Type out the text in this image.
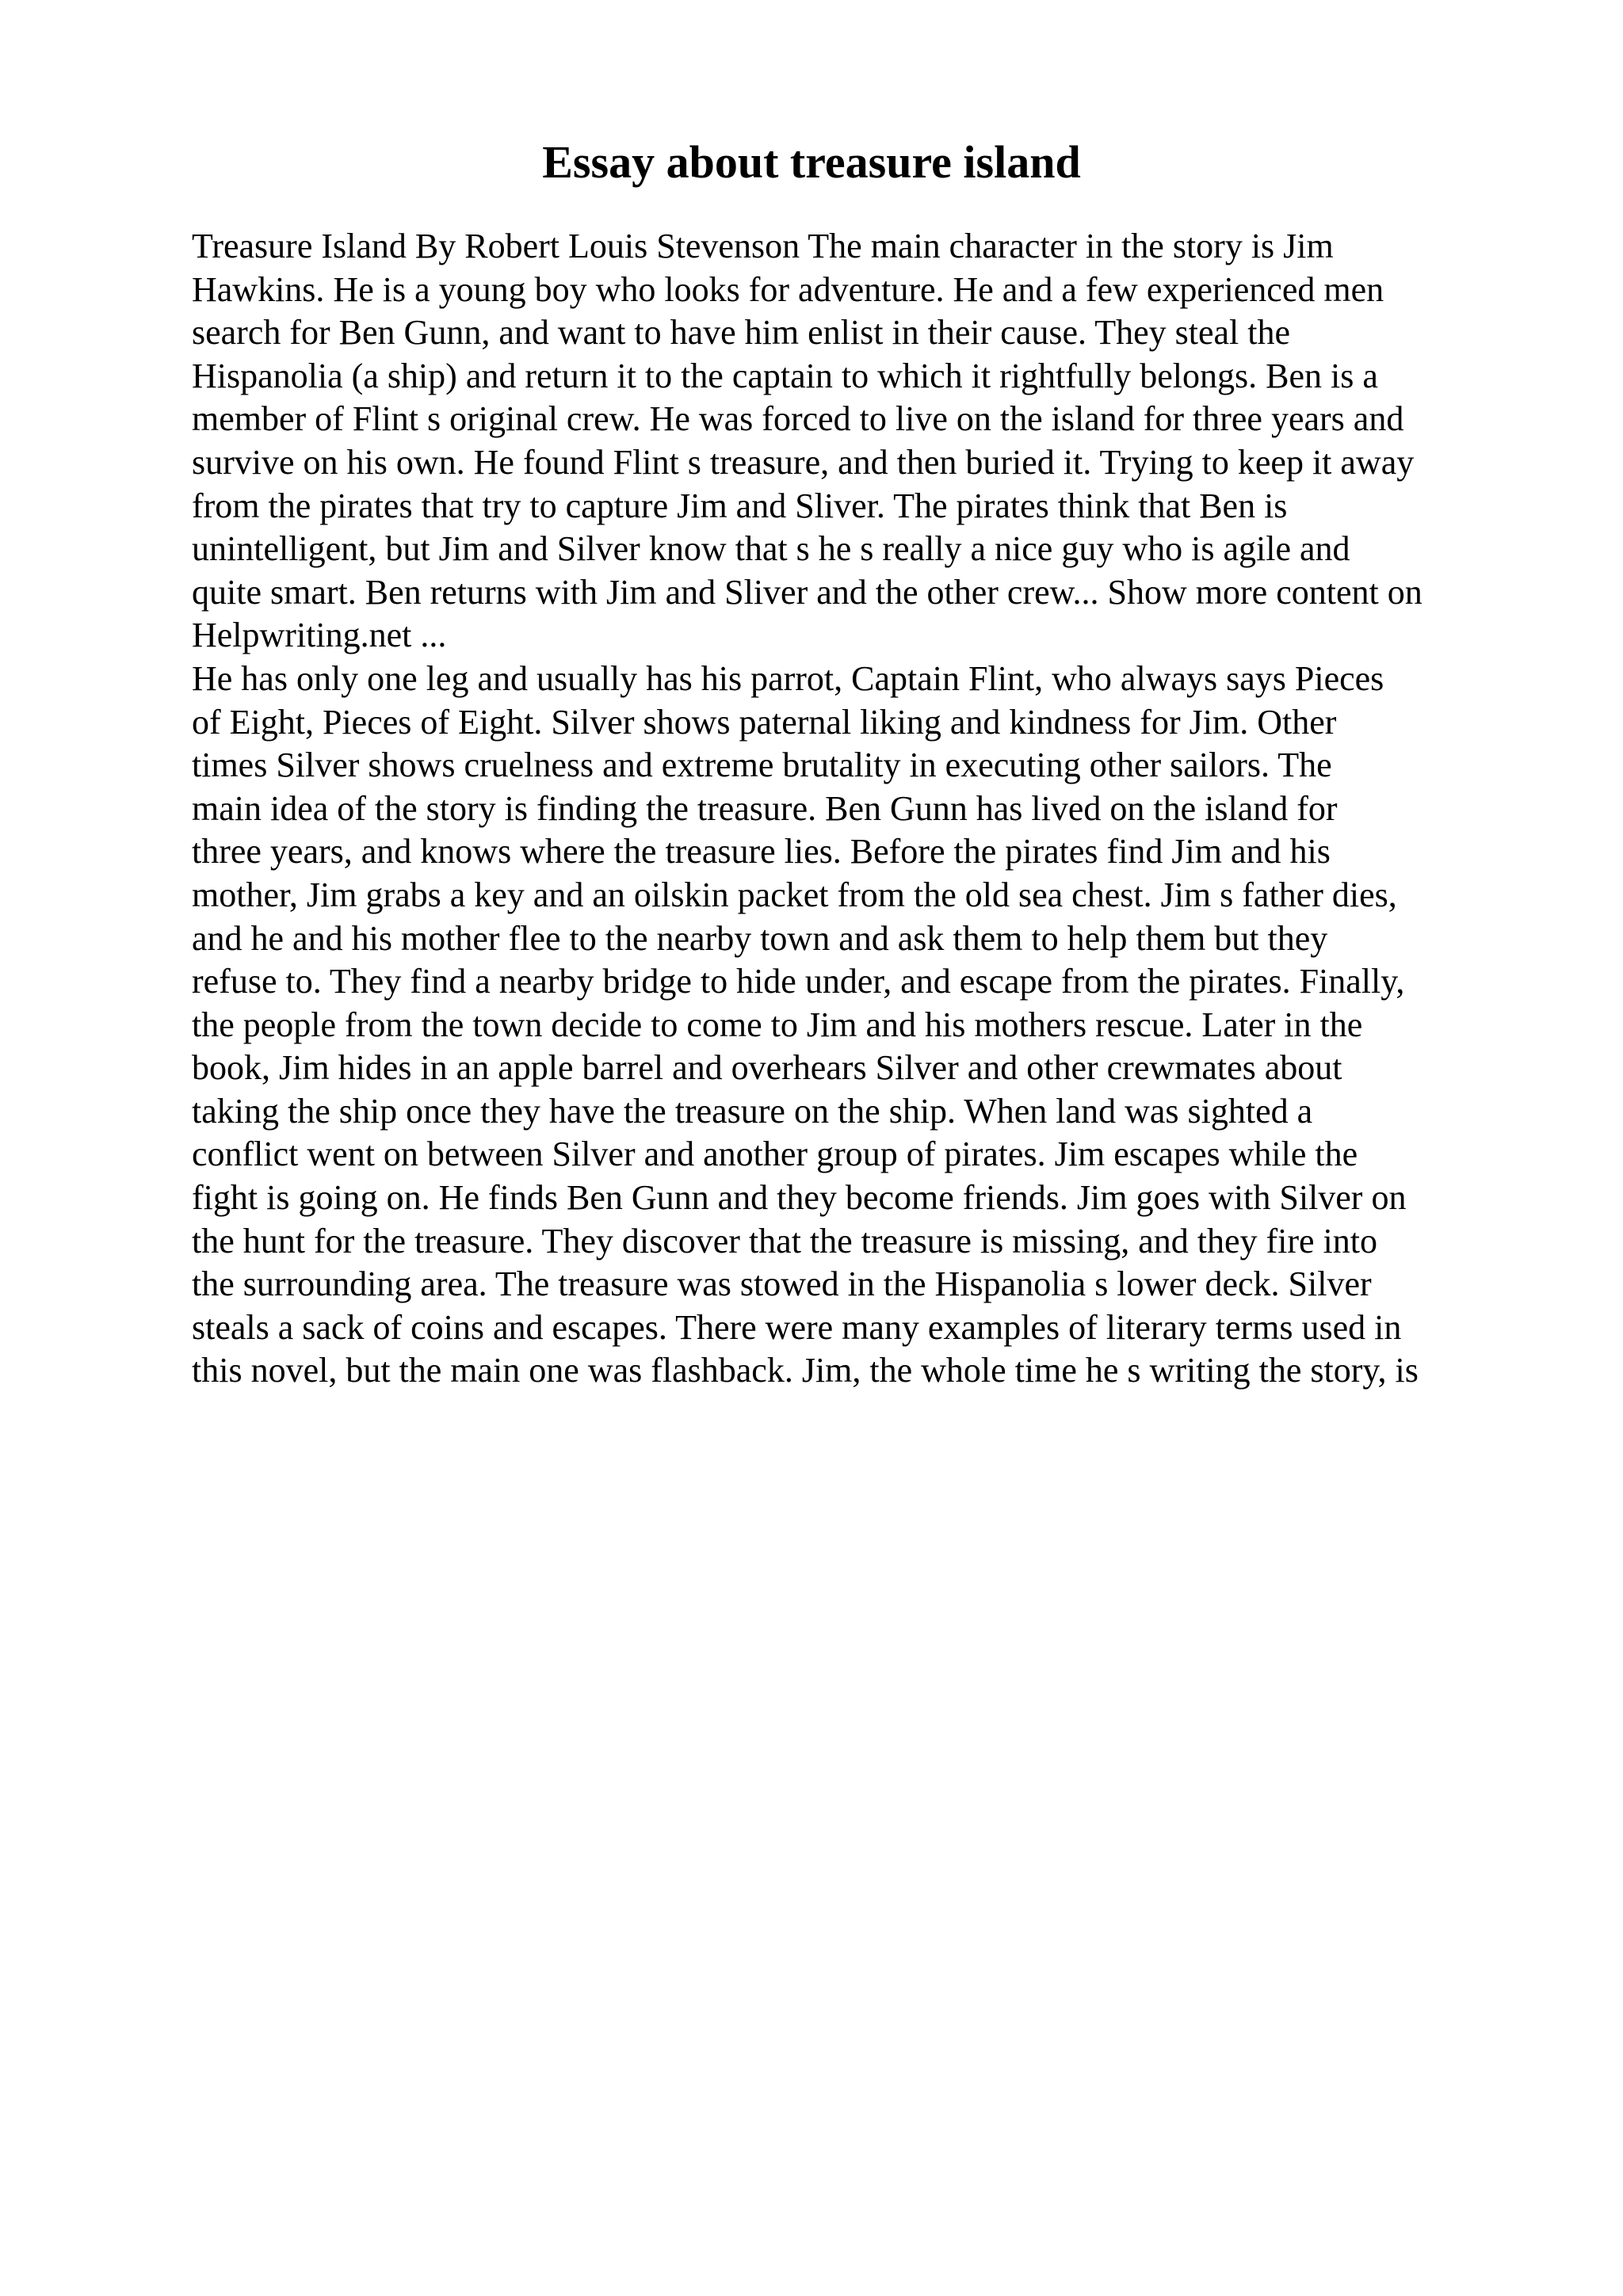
Essay about treasure island
Treasure Island By Robert Louis Stevenson The main character in the story is Jim
Hawkins. He is a young boy who looks for adventure. He and a few experienced men
search for Ben Gunn, and want to have him enlist in their cause. They steal the
Hispanolia (a ship) and return it to the captain to which it rightfully belongs. Ben is a
member of Flint s original crew. He was forced to live on the island for three years and
survive on his own. He found Flint s treasure, and then buried it. Trying to keep it away
from the pirates that try to capture Jim and Sliver. The pirates think that Ben is
unintelligent, but Jim and Silver know that s he s really a nice guy who is agile and
quite smart. Ben returns with Jim and Sliver and the other crew... Show more content on
Helpwriting.net ...
He has only one leg and usually has his parrot, Captain Flint, who always says Pieces
of Eight, Pieces of Eight. Silver shows paternal liking and kindness for Jim. Other
times Silver shows cruelness and extreme brutality in executing other sailors. The
main idea of the story is finding the treasure. Ben Gunn has lived on the island for
three years, and knows where the treasure lies. Before the pirates find Jim and his
mother, Jim grabs a key and an oilskin packet from the old sea chest. Jim s father dies,
and he and his mother flee to the nearby town and ask them to help them but they
refuse to. They find a nearby bridge to hide under, and escape from the pirates. Finally,
the people from the town decide to come to Jim and his mothers rescue. Later in the
book, Jim hides in an apple barrel and overhears Silver and other crewmates about
taking the ship once they have the treasure on the ship. When land was sighted a
conflict went on between Silver and another group of pirates. Jim escapes while the
fight is going on. He finds Ben Gunn and they become friends. Jim goes with Silver on
the hunt for the treasure. They discover that the treasure is missing, and they fire into
the surrounding area. The treasure was stowed in the Hispanolia s lower deck. Silver
steals a sack of coins and escapes. There were many examples of literary terms used in
this novel, but the main one was flashback. Jim, the whole time he s writing the story, is
